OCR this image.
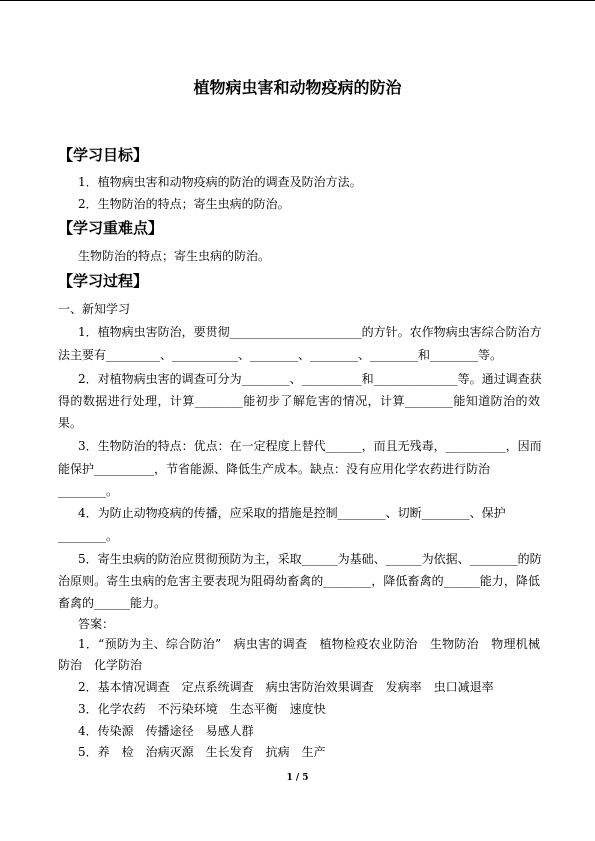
植物病虫害和动物疫病的防治
【学习目标】
1．植物病虫害和动物疫病的防治的调查及防治方法。
2．生物防治的特点；寄生虫病的防治。
【学习重难点】
生物防治的特点；寄生虫病的防治。
【学习过程】
一、新知学习
1．植物病虫害防治，要贯彻______________________的方针。农作物病虫害综合防治方
法主要有_________、___________、________、________、________和________等。
2．对植物病虫害的调查可分为________、__________和______________等。通过调查获
得的数据进行处理，计算________能初步了解危害的情况，计算________能知道防治的效
果。
3．生物防治的特点：优点：在一定程度上替代______，而且无残毒，__________，因而
能保护__________，节省能源、降低生产成本。缺点：没有应用化学农药进行防治
________。
4．为防止动物疫病的传播，应采取的措施是控制________、切断________、保护
________。
5．寄生虫病的防治应贯彻预防为主，采取______为基础、______为依据、________的防
治原则。寄生虫病的危害主要表现为阻碍幼畜禽的________，降低畜禽的______能力，降低
畜禽的______能力。
答案：
1．“预防为主、综合防治”　病虫害的调查　植物检疫农业防治　生物防治　物理机械
防治　化学防治
2．基本情况调查　定点系统调查　病虫害防治效果调查　发病率　虫口减退率
3．化学农药　不污染环境　生态平衡　速度快
4．传染源　传播途径　易感人群
5．养　检　治病灭源　生长发育　抗病　生产
1 / 5
